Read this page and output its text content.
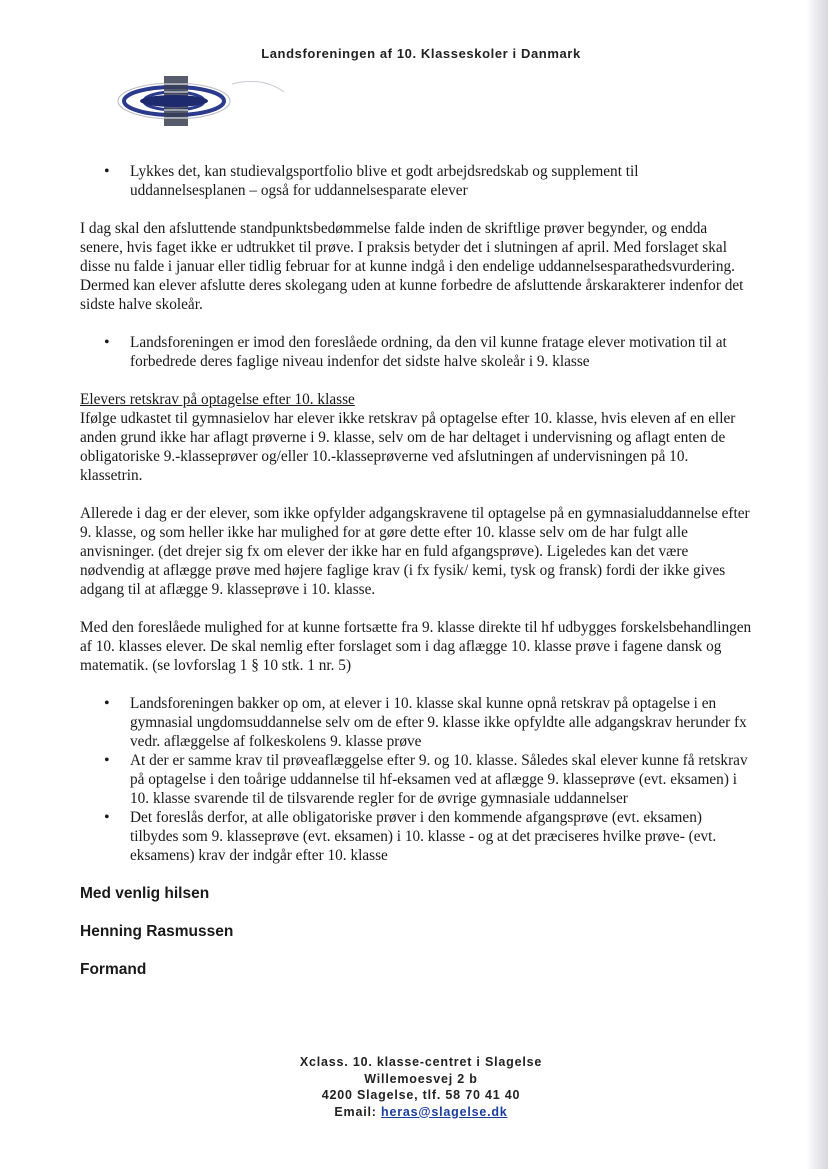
Landsforeningen af 10. Klasseskoler i Danmark
• Lykkes det, kan studievalgsportfolio blive et godt arbejdsredskab og supplement til uddannelsesplanen – også for uddannelsesparate elever

I dag skal den afsluttende standpunktsbedømmelse falde inden de skriftlige prøver begynder, og endda senere, hvis faget ikke er udtrukket til prøve. I praksis betyder det i slutningen af april. Med forslaget skal disse nu falde i januar eller tidlig februar for at kunne indgå i den endelige uddannelsesparathedsvurdering. Dermed kan elever afslutte deres skolegang uden at kunne forbedre de afsluttende årskarakterer indenfor det sidste halve skoleår.

• Landsforeningen er imod den foreslåede ordning, da den vil kunne fratage elever motivation til at forbedrede deres faglige niveau indenfor det sidste halve skoleår i 9. klasse
Elevers retskrav på optagelse efter 10. klasse

Ifølge udkastet til gymnasielov har elever ikke retskrav på optagelse efter 10. klasse, hvis eleven af en eller anden grund ikke har aflagt prøverne i 9. klasse, selv om de har deltaget i undervisning og aflagt enten de obligatoriske 9.-klasseprøver og/eller 10.-klasseprøverne ved afslutningen af undervisningen på 10. klassetrin.

Allerede i dag er der elever, som ikke opfylder adgangskravene til optagelse på en gymnasialuddannelse efter 9. klasse, og som heller ikke har mulighed for at gøre dette efter 10. klasse selv om de har fulgt alle anvisninger. (det drejer sig fx om elever der ikke har en fuld afgangsprøve). Ligeledes kan det være nødvendig at aflægge prøve med højere faglige krav (i fx fysik/ kemi, tysk og fransk) fordi der ikke gives adgang til at aflægge 9. klasseprøve i 10. klasse.

Med den foreslåede mulighed for at kunne fortsætte fra 9. klasse direkte til hf udbygges forskelsbehandlingen af 10. klasses elever. De skal nemlig efter forslaget som i dag aflægge 10. klasse prøve i fagene dansk og matematik. (se lovforslag 1 § 10 stk. 1 nr. 5)

• Landsforeningen bakker op om, at elever i 10. klasse skal kunne opnå retskrav på optagelse i en gymnasial ungdomsuddannelse selv om de efter 9. klasse ikke opfyldte alle adgangskrav herunder fx vedr. aflæggelse af folkeskolens 9. klasse prøve
• At der er samme krav til prøveaflæggelse efter 9. og 10. klasse. Således skal elever kunne få retskrav på optagelse i den toårige uddannelse til hf-eksamen ved at aflægge 9. klasseprøve (evt. eksamen) i 10. klasse svarende til de tilsvarende regler for de øvrige gymnasiale uddannelser
• Det foreslås derfor, at alle obligatoriske prøver i den kommende afgangsprøve (evt. eksamen) tilbydes som 9. klasseprøve (evt. eksamen) i 10. klasse - og at det præciseres hvilke prøve- (evt. eksamens) krav der indgår efter 10. klasse

Med venlig hilsen

Henning Rasmussen

Formand

Xclass. 10. klasse-centret i Slagelse
Willemoesvej 2 b
4200 Slagelse, tlf. 58 70 41 40
Email: heras@slagelse.dk
